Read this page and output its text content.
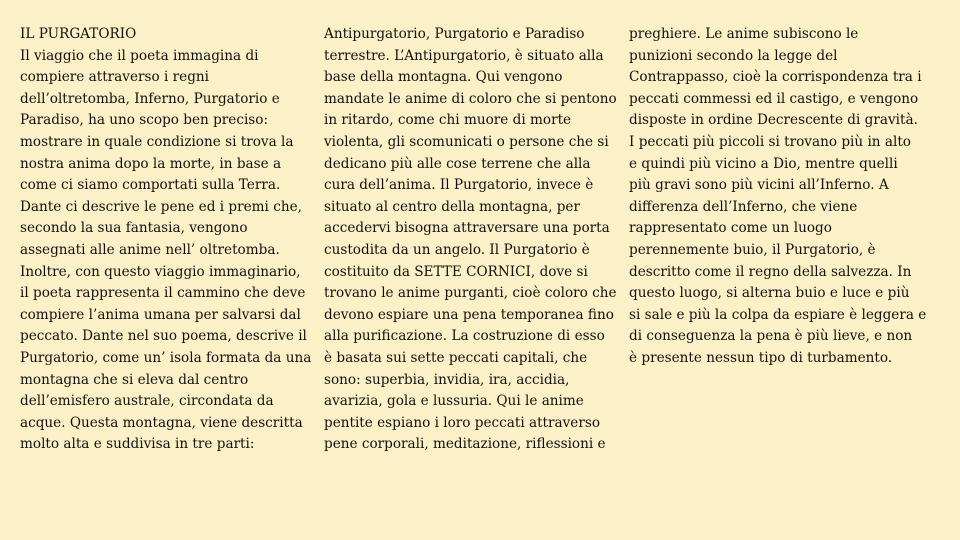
IL PURGATORIO
Il viaggio che il poeta immagina di
compiere attraverso i regni
dell’oltretomba, Inferno, Purgatorio e
Paradiso, ha uno scopo ben preciso:
mostrare in quale condizione si trova la
nostra anima dopo la morte, in base a
come ci siamo comportati sulla Terra.
Dante ci descrive le pene ed i premi che,
secondo la sua fantasia, vengono
assegnati alle anime nell’ oltretomba.
Inoltre, con questo viaggio immaginario,
il poeta rappresenta il cammino che deve
compiere l’anima umana per salvarsi dal
peccato. Dante nel suo poema, descrive il
Purgatorio, come un’ isola formata da una
montagna che si eleva dal centro
dell’emisfero australe, circondata da
acque. Questa montagna, viene descritta
molto alta e suddivisa in tre parti:
Antipurgatorio, Purgatorio e Paradiso
terrestre. L’Antipurgatorio, è situato alla
base della montagna. Qui vengono
mandate le anime di coloro che si pentono
in ritardo, come chi muore di morte
violenta, gli scomunicati o persone che si
dedicano più alle cose terrene che alla
cura dell’anima. Il Purgatorio, invece è
situato al centro della montagna, per
accedervi bisogna attraversare una porta
custodita da un angelo. Il Purgatorio è
costituito da SETTE CORNICI, dove si
trovano le anime purganti, cioè coloro che
devono espiare una pena temporanea fino
alla purificazione. La costruzione di esso
è basata sui sette peccati capitali, che
sono: superbia, invidia, ira, accidia,
avarizia, gola e lussuria. Qui le anime
pentite espiano i loro peccati attraverso
pene corporali, meditazione, riflessioni e
preghiere. Le anime subiscono le
punizioni secondo la legge del
Contrappasso, cioè la corrispondenza tra i
peccati commessi ed il castigo, e vengono
disposte in ordine Decrescente di gravità.
I peccati più piccoli si trovano più in alto
e quindi più vicino a Dio, mentre quelli
più gravi sono più vicini all’Inferno. A
differenza dell’Inferno, che viene
rappresentato come un luogo
perennemente buio, il Purgatorio, è
descritto come il regno della salvezza. In
questo luogo, si alterna buio e luce e più
si sale e più la colpa da espiare è leggera e
di conseguenza la pena è più lieve, e non
è presente nessun tipo di turbamento.
